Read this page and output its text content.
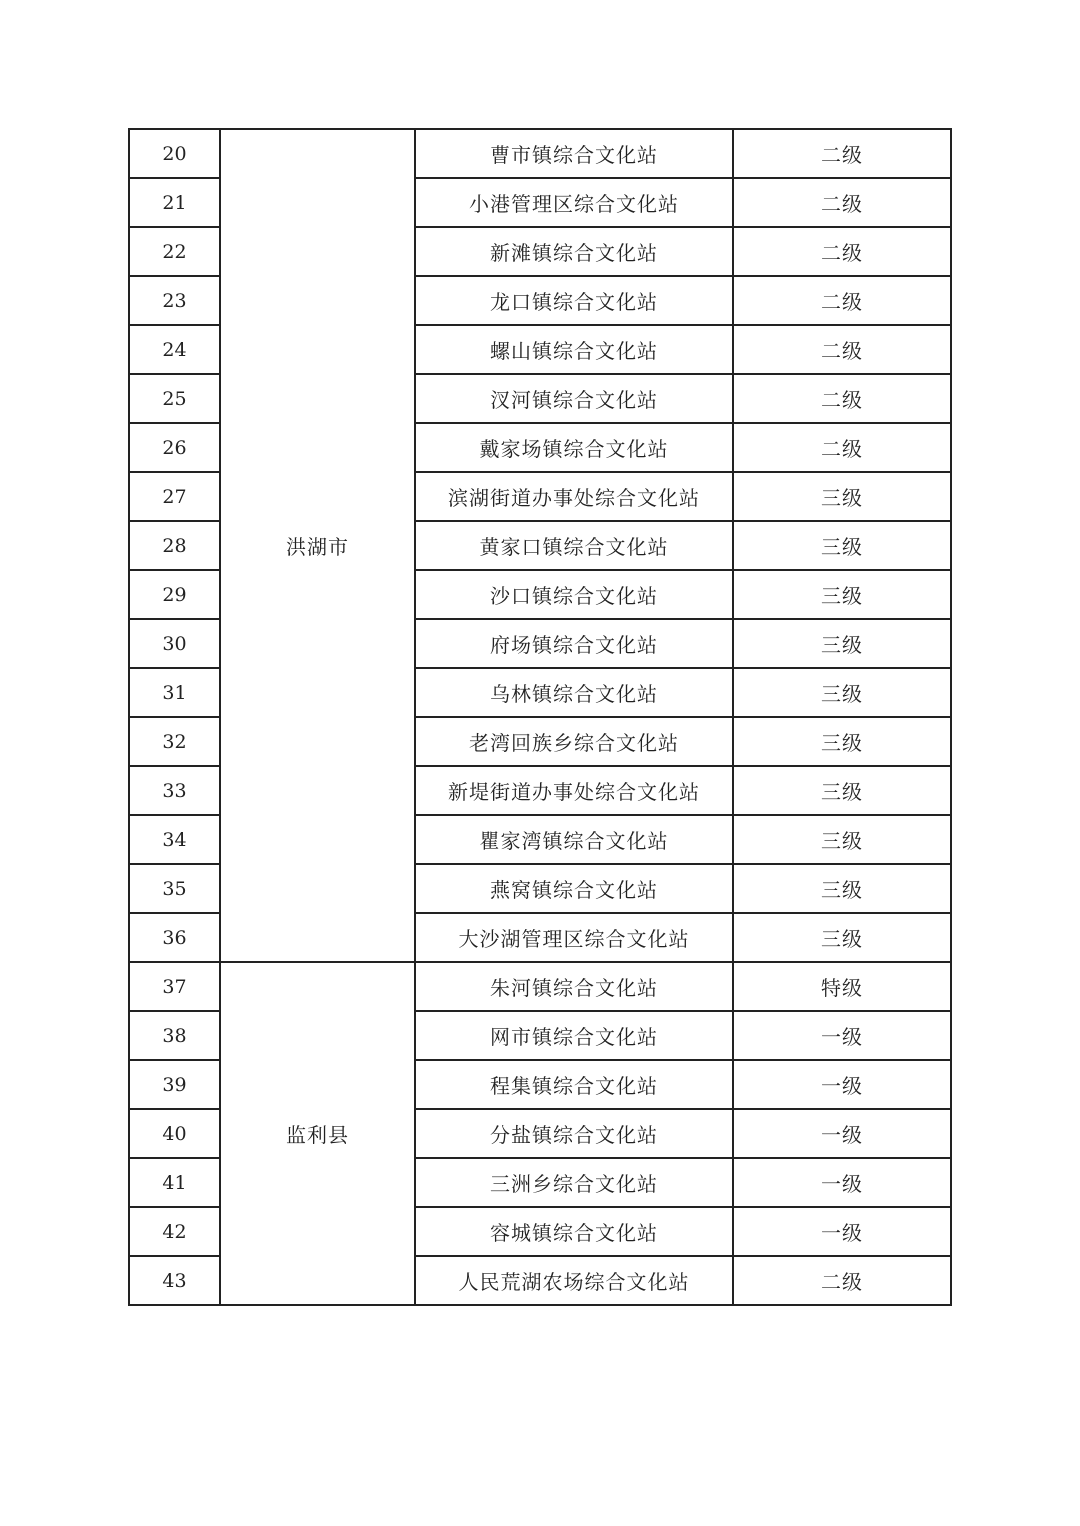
20	洪湖市	曹市镇综合文化站	二级
21		小港管理区综合文化站	二级
22		新滩镇综合文化站	二级
23		龙口镇综合文化站	二级
24		螺山镇综合文化站	二级
25		汊河镇综合文化站	二级
26		戴家场镇综合文化站	二级
27		滨湖街道办事处综合文化站	三级
28		黄家口镇综合文化站	三级
29		沙口镇综合文化站	三级
30		府场镇综合文化站	三级
31		乌林镇综合文化站	三级
32		老湾回族乡综合文化站	三级
33		新堤街道办事处综合文化站	三级
34		瞿家湾镇综合文化站	三级
35		燕窝镇综合文化站	三级
36		大沙湖管理区综合文化站	三级
37	监利县	朱河镇综合文化站	特级
38		网市镇综合文化站	一级
39		程集镇综合文化站	一级
40		分盐镇综合文化站	一级
41		三洲乡综合文化站	一级
42		容城镇综合文化站	一级
43		人民荒湖农场综合文化站	二级
